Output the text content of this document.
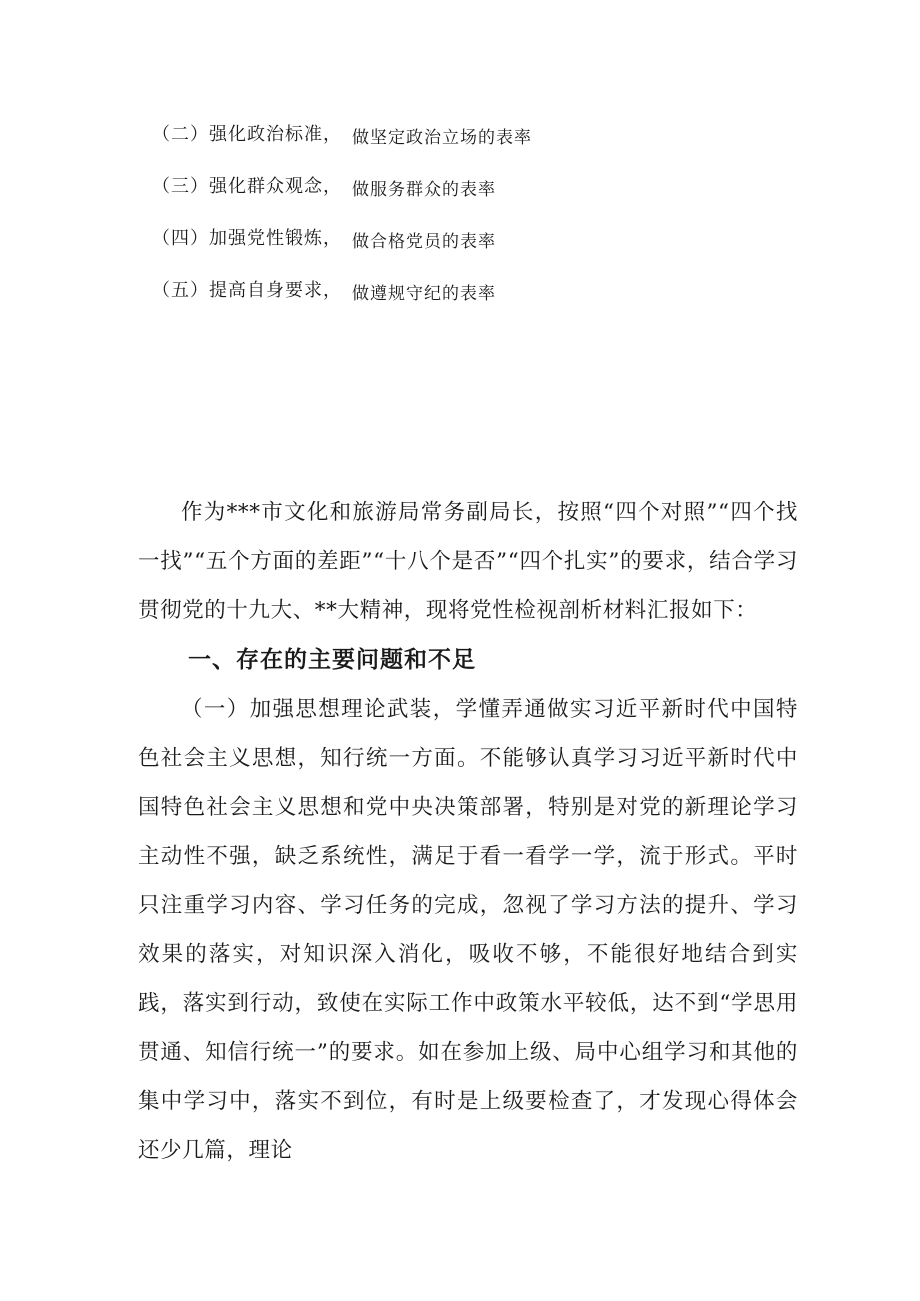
（二）强化政治标准， 做坚定政治立场的表率
（三）强化群众观念， 做服务群众的表率
（四）加强党性锻炼， 做合格党员的表率
（五）提高自身要求， 做遵规守纪的表率

作为***市文化和旅游局常务副局长，按照“四个对照”“四个找一找”“五个方面的差距”“十八个是否”“四个扎实”的要求，结合学习贯彻党的十九大、**大精神，现将党性检视剖析材料汇报如下：

一、存在的主要问题和不足

（一）加强思想理论武装，学懂弄通做实习近平新时代中国特色社会主义思想，知行统一方面。不能够认真学习习近平新时代中国特色社会主义思想和党中央决策部署，特别是对党的新理论学习主动性不强，缺乏系统性，满足于看一看学一学，流于形式。平时只注重学习内容、学习任务的完成，忽视了学习方法的提升、学习效果的落实，对知识深入消化，吸收不够，不能很好地结合到实践，落实到行动，致使在实际工作中政策水平较低，达不到“学思用贯通、知信行统一”的要求。如在参加上级、局中心组学习和其他的集中学习中，落实不到位，有时是上级要检查了，才发现心得体会还少几篇，理论
